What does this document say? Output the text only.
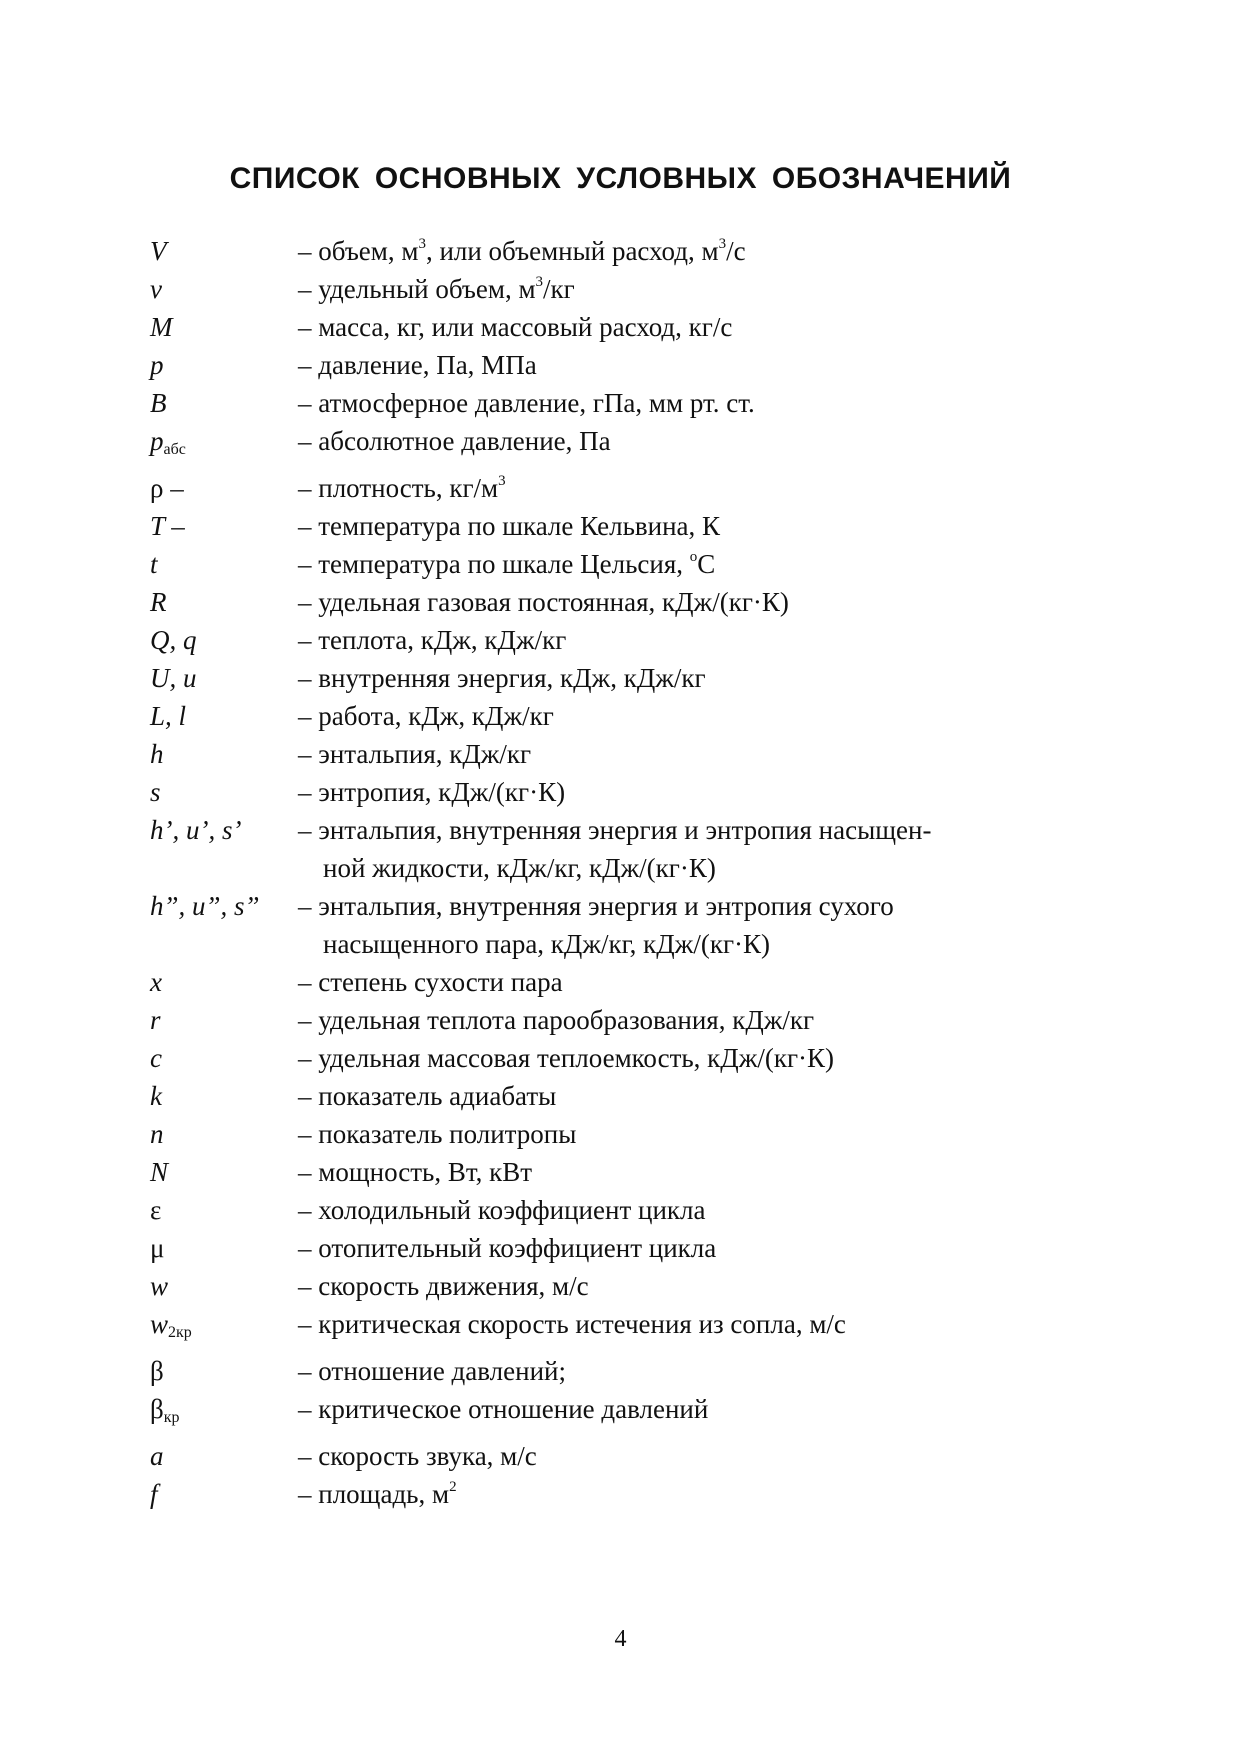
СПИСОК ОСНОВНЫХ УСЛОВНЫХ ОБОЗНАЧЕНИЙ
V	– объем, $м^3$, или объемный расход, $м^3/с$
v	– удельный объем, $м^3/кг$
M	– масса, кг, или массовый расход, кг/с
p	– давление, Па, МПа
B	– атмосферное давление, гПа, мм рт. ст.
$p_{абс}$	– абсолютное давление, Па
ρ –	– плотность, $кг/м^3$
T –	– температура по шкале Кельвина, К
t	– температура по шкале Цельсия, $^о$С
R	– удельная газовая постоянная, кДж/(кг·К)
Q, q	– теплота, кДж, кДж/кг
U, u	– внутренняя энергия, кДж, кДж/кг
L, l	– работа, кДж, кДж/кг
h	– энтальпия, кДж/кг
s	– энтропия, кДж/(кг·К)
h’, u’, s’	– энтальпия, внутренняя энергия и энтропия насыщен-
ной жидкости, кДж/кг, кДж/(кг·К)
h”, u”, s”	– энтальпия, внутренняя энергия и энтропия сухого
насыщенного пара, кДж/кг, кДж/(кг·К)
x	– степень сухости пара
r	– удельная теплота парообразования, кДж/кг
c	– удельная массовая теплоемкость, кДж/(кг·К)
k	– показатель адиабаты
n	– показатель политропы
N	– мощность, Вт, кВт
ε	– холодильный коэффициент цикла
μ	– отопительный коэффициент цикла
w	– скорость движения, м/с
$w_{2кр}$	– критическая скорость истечения из сопла, м/с
β	– отношение давлений;
$\beta_{кр}$	– критическое отношение давлений
a	– скорость звука, м/с
f	– площадь, $м^2$
4
